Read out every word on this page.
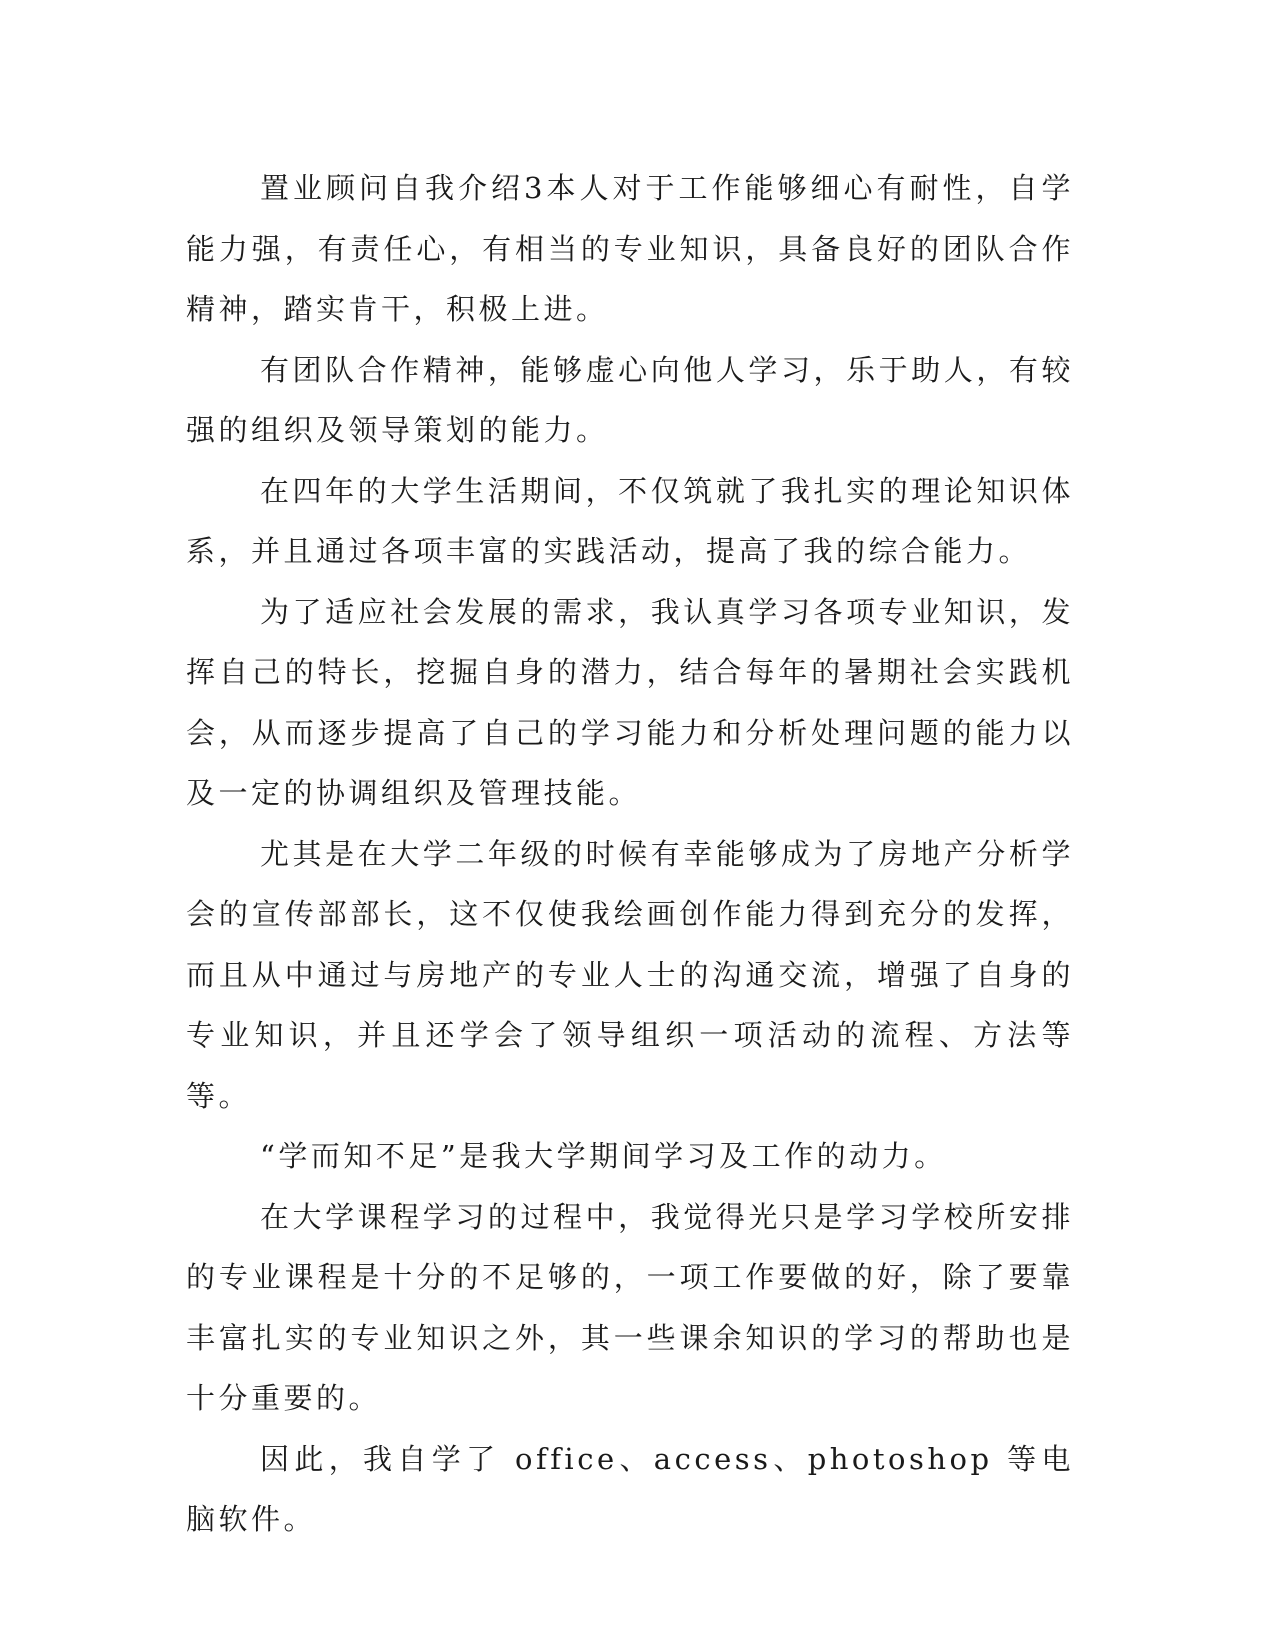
置业顾问自我介绍3本人对于工作能够细心有耐性，自学能力强，有责任心，有相当的专业知识，具备良好的团队合作精神，踏实肯干，积极上进。

有团队合作精神，能够虚心向他人学习，乐于助人，有较强的组织及领导策划的能力。

在四年的大学生活期间，不仅筑就了我扎实的理论知识体系，并且通过各项丰富的实践活动，提高了我的综合能力。

为了适应社会发展的需求，我认真学习各项专业知识，发挥自己的特长，挖掘自身的潜力，结合每年的暑期社会实践机会，从而逐步提高了自己的学习能力和分析处理问题的能力以及一定的协调组织及管理技能。

尤其是在大学二年级的时候有幸能够成为了房地产分析学会的宣传部部长，这不仅使我绘画创作能力得到充分的发挥，而且从中通过与房地产的专业人士的沟通交流，增强了自身的专业知识，并且还学会了领导组织一项活动的流程、方法等等。

“学而知不足”是我大学期间学习及工作的动力。

在大学课程学习的过程中，我觉得光只是学习学校所安排的专业课程是十分的不足够的，一项工作要做的好，除了要靠丰富扎实的专业知识之外，其一些课余知识的学习的帮助也是十分重要的。

因此，我自学了 office、access、photoshop 等电脑软件。
